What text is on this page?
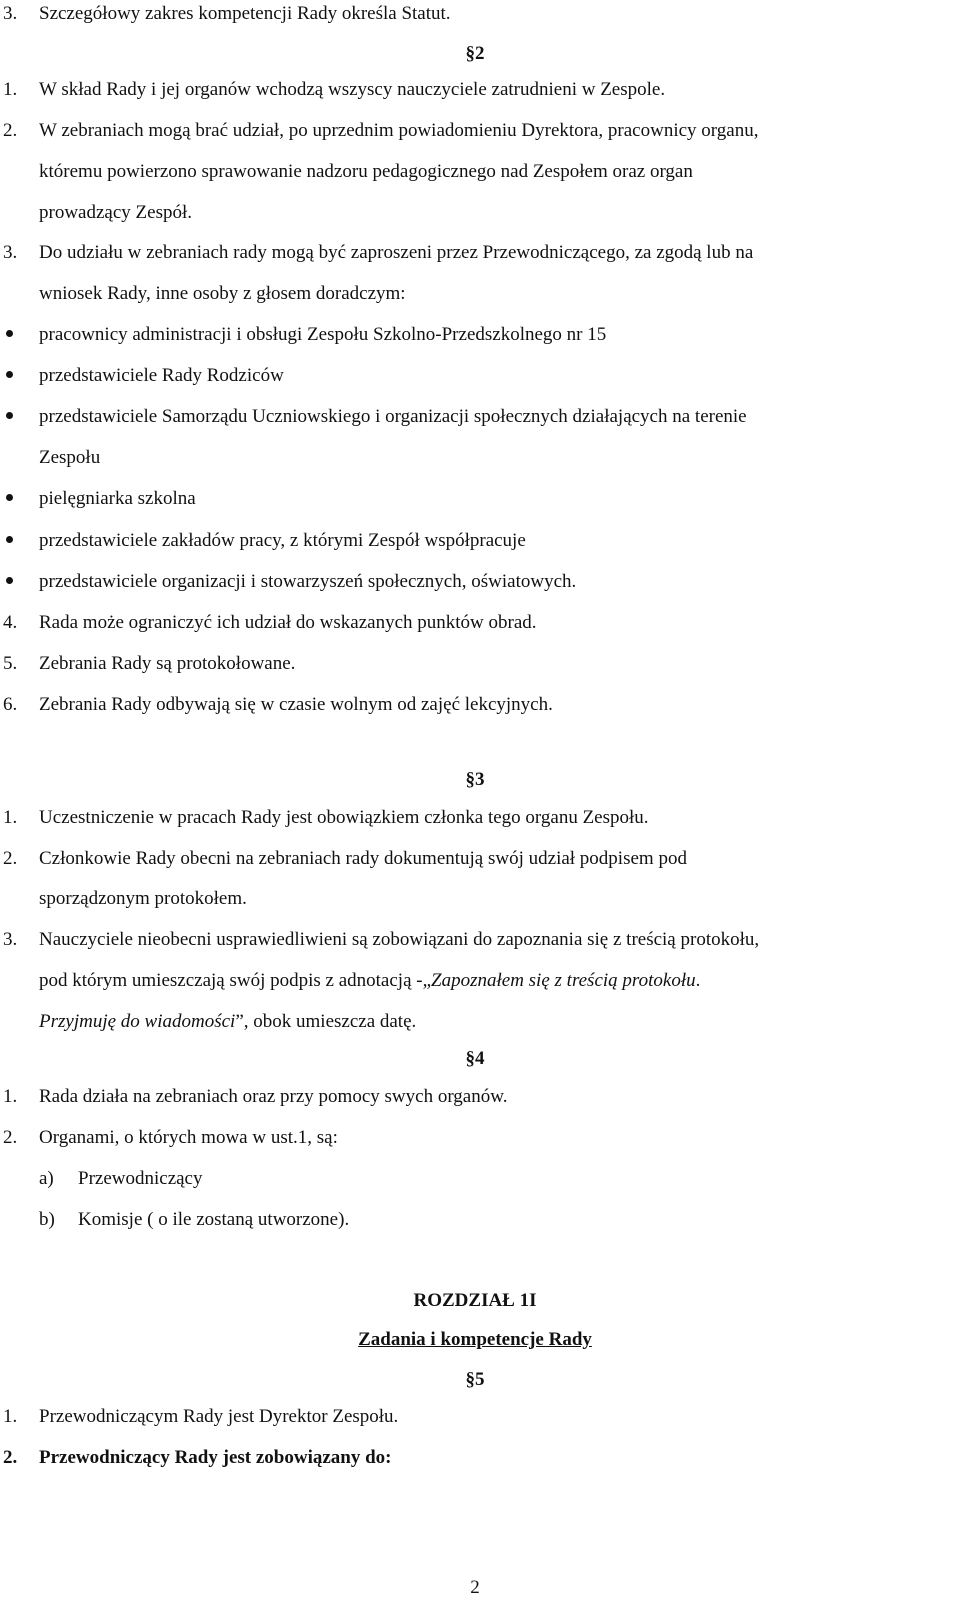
3. Szczegółowy zakres kompetencji Rady określa Statut.
§2
1. W skład Rady i jej organów wchodzą wszyscy nauczyciele zatrudnieni w Zespole.
2. W zebraniach mogą brać udział, po uprzednim powiadomieniu Dyrektora, pracownicy organu,
któremu powierzono sprawowanie nadzoru pedagogicznego nad Zespołem oraz organ
prowadzący Zespół.
3. Do udziału w zebraniach rady mogą być zaproszeni przez Przewodniczącego, za zgodą lub na
wniosek Rady, inne osoby z głosem doradczym:
pracownicy administracji i obsługi Zespołu Szkolno-Przedszkolnego nr 15
przedstawiciele Rady Rodziców
przedstawiciele Samorządu Uczniowskiego i organizacji społecznych działających na terenie
Zespołu
pielęgniarka szkolna
przedstawiciele zakładów pracy, z którymi Zespół współpracuje
przedstawiciele organizacji i stowarzyszeń społecznych, oświatowych.
4. Rada może ograniczyć ich udział do wskazanych punktów obrad.
5. Zebrania Rady są protokołowane.
6. Zebrania Rady odbywają się w czasie wolnym od zajęć lekcyjnych.
§3
1. Uczestniczenie w pracach Rady jest obowiązkiem członka tego organu Zespołu.
2. Członkowie Rady obecni na zebraniach rady dokumentują swój udział podpisem pod
sporządzonym protokołem.
3. Nauczyciele nieobecni usprawiedliwieni są zobowiązani do zapoznania się z treścią protokołu,
pod którym umieszczają swój podpis z adnotacją -„Zapoznałem się z treścią protokołu.
Przyjmuję do wiadomości”, obok umieszcza datę.
§4
1. Rada działa na zebraniach oraz przy pomocy swych organów.
2. Organami, o których mowa w ust.1, są:
a) Przewodniczący
b) Komisje ( o ile zostaną utworzone).
ROZDZIAŁ 1I
Zadania i kompetencje Rady
§5
1. Przewodniczącym Rady jest Dyrektor Zespołu.
2. Przewodniczący Rady jest zobowiązany do:
2
